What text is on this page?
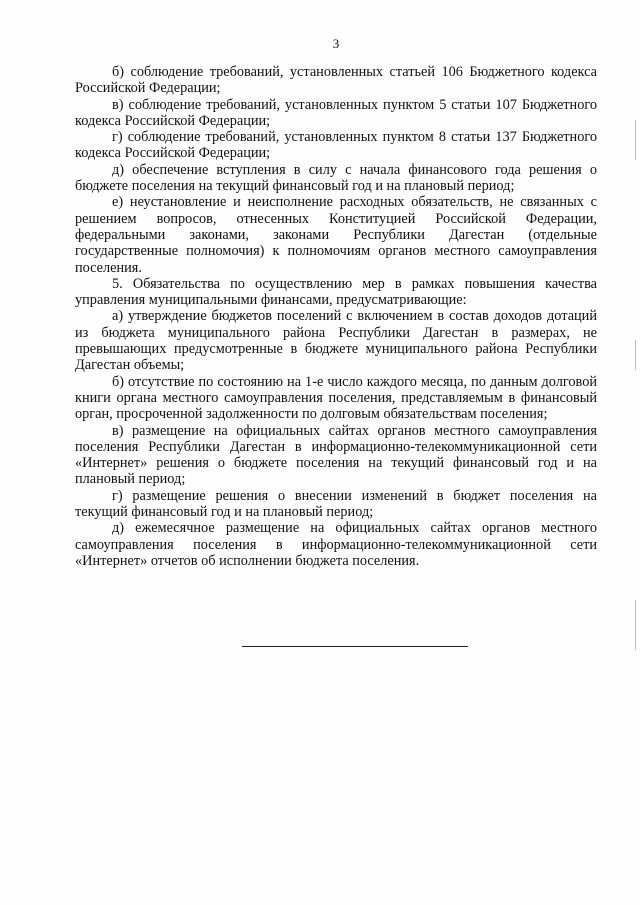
3

б) соблюдение требований, установленных статьей 106 Бюджетного кодекса Российской Федерации;

в) соблюдение требований, установленных пунктом 5 статьи 107 Бюджетного кодекса Российской Федерации;

г) соблюдение требований, установленных пунктом 8 статьи 137 Бюджетного кодекса Российской Федерации;

д) обеспечение вступления в силу с начала финансового года решения о бюджете поселения на текущий финансовый год и на плановый период;

е) неустановление и неисполнение расходных обязательств, не связанных с решением вопросов, отнесенных Конституцией Российской Федерации, федеральными законами, законами Республики Дагестан (отдельные государственные полномочия) к полномочиям органов местного самоуправления поселения.

5. Обязательства по осуществлению мер в рамках повышения качества управления муниципальными финансами, предусматривающие:

а) утверждение бюджетов поселений с включением в состав доходов дотаций из бюджета муниципального района Республики Дагестан в размерах, не превышающих предусмотренные в бюджете муниципального района Республики Дагестан объемы;

б) отсутствие по состоянию на 1-е число каждого месяца, по данным долговой книги органа местного самоуправления поселения, представляемым в финансовый орган, просроченной задолженности по долговым обязательствам поселения;

в) размещение на официальных сайтах органов местного самоуправления поселения Республики Дагестан в информационно-телекоммуникационной сети «Интернет» решения о бюджете поселения на текущий финансовый год и на плановый период;

г) размещение решения о внесении изменений в бюджет поселения на текущий финансовый год и на плановый период;

д) ежемесячное размещение на официальных сайтах органов местного самоуправления поселения в информационно-телекоммуникационной сети «Интернет» отчетов об исполнении бюджета поселения.
